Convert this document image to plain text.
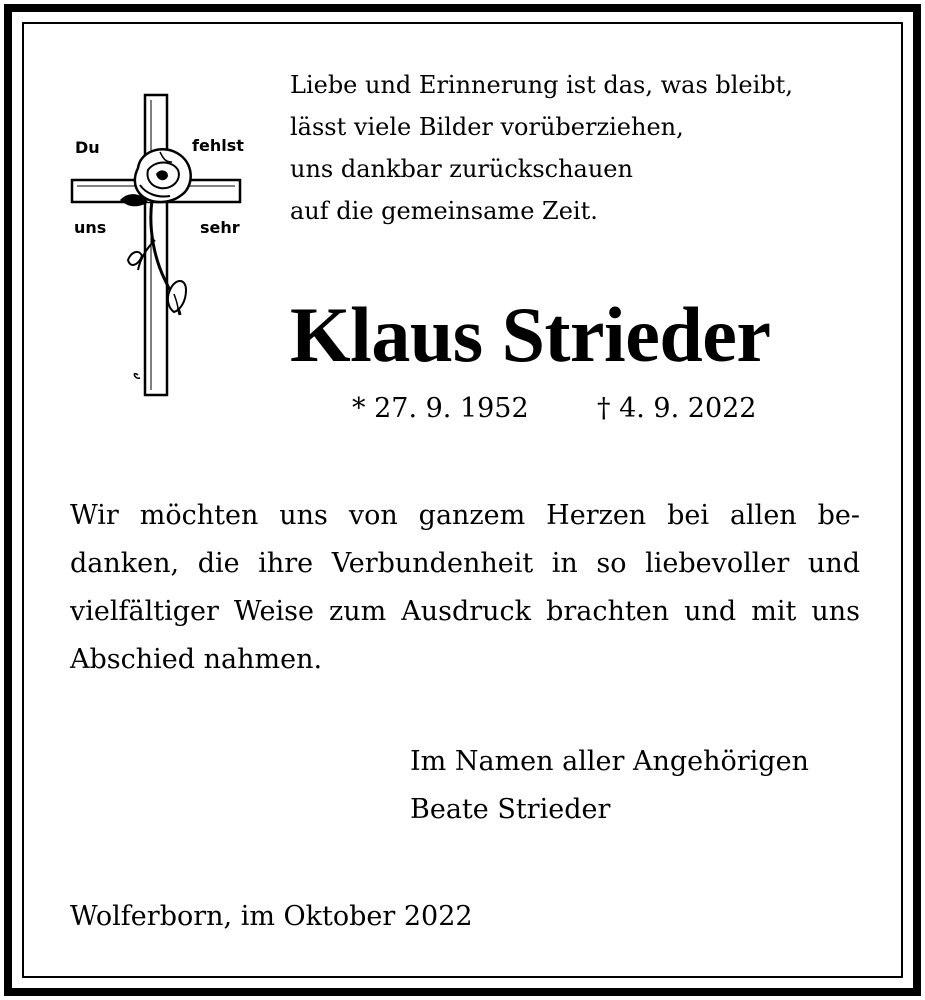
Du	fehlst
uns	sehr
Liebe und Erinnerung ist das, was bleibt,
lässt viele Bilder vorüberziehen,
uns dankbar zurückschauen
auf die gemeinsame Zeit.
Klaus Strieder
* 27. 9. 1952	† 4. 9. 2022

Wir möchten uns von ganzem Herzen bei allen bedanken, die ihre Verbundenheit in so liebevoller und vielfältiger Weise zum Ausdruck brachten und mit uns Abschied nahmen.

Im Namen aller Angehörigen
Beate Strieder
Wolferborn, im Oktober 2022
